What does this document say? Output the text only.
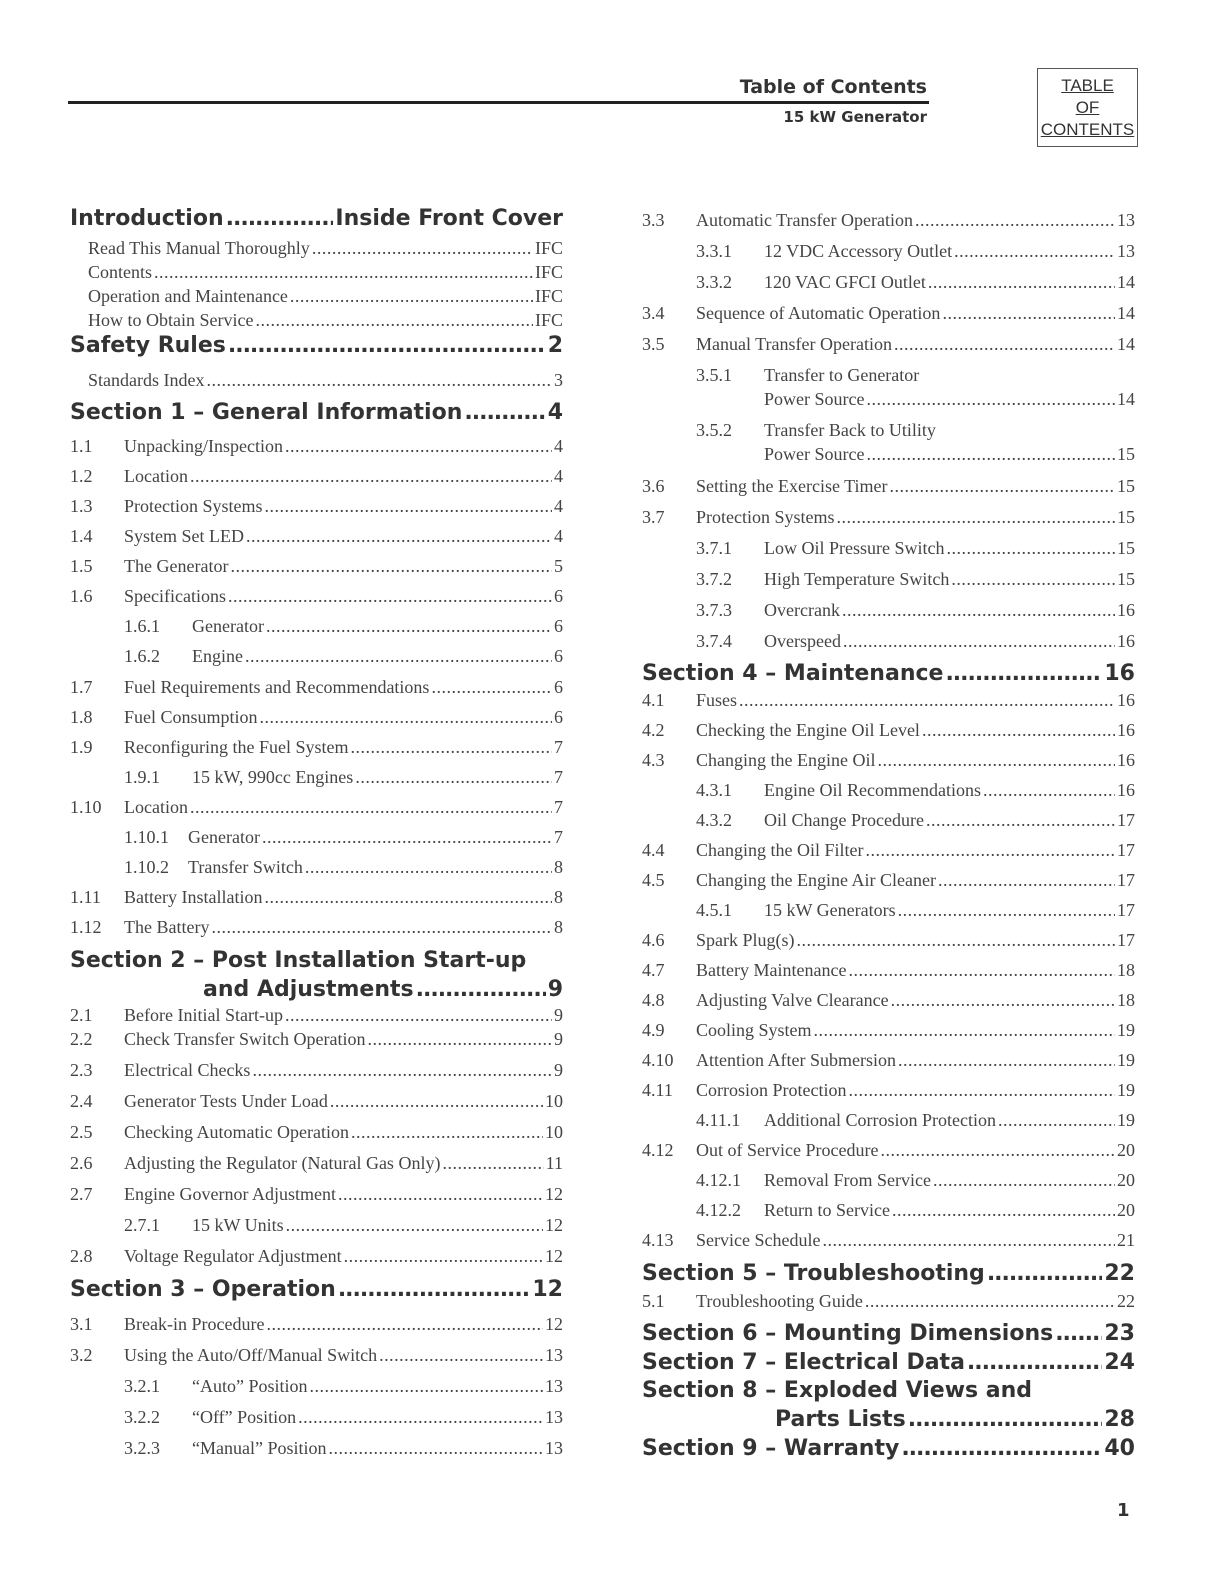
Table of Contents
15 kW Generator
TABLE
OF
CONTENTS
Introduction .....	Inside Front Cover
Read This Manual Thoroughly .....	IFC
Contents .....	IFC
Operation and Maintenance .....	IFC
How to Obtain Service .....	IFC
Safety Rules .....	2
Standards Index .....	3
Section 1 – General Information .....	4
1.1	Unpacking/Inspection .....	4
1.2	Location .....	4
1.3	Protection Systems .....	4
1.4	System Set LED .....	4
1.5	The Generator .....	5
1.6	Specifications .....	6
1.6.1	Generator .....	6
1.6.2	Engine .....	6
1.7	Fuel Requirements and Recommendations .....	6
1.8	Fuel Consumption .....	6
1.9	Reconfiguring the Fuel System .....	7
1.9.1	15 kW, 990cc Engines .....	7
1.10	Location .....	7
1.10.1	Generator .....	7
1.10.2	Transfer Switch .....	8
1.11	Battery Installation .....	8
1.12	The Battery .....	8
Section 2 – Post Installation Start-up
and Adjustments .....	9
2.1	Before Initial Start-up .....	9
2.2	Check Transfer Switch Operation .....	9
2.3	Electrical Checks .....	9
2.4	Generator Tests Under Load .....	10
2.5	Checking Automatic Operation .....	10
2.6	Adjusting the Regulator (Natural Gas Only) .....	11
2.7	Engine Governor Adjustment .....	12
2.7.1	15 kW Units .....	12
2.8	Voltage Regulator Adjustment .....	12
Section 3 – Operation .....	12
3.1	Break-in Procedure .....	12
3.2	Using the Auto/Off/Manual Switch .....	13
3.2.1	“Auto” Position .....	13
3.2.2	“Off” Position .....	13
3.2.3	“Manual” Position .....	13
3.3	Automatic Transfer Operation .....	13
3.3.1	12 VDC Accessory Outlet .....	13
3.3.2	120 VAC GFCI Outlet .....	14
3.4	Sequence of Automatic Operation .....	14
3.5	Manual Transfer Operation .....	14
3.5.1 Transfer to Generator
Power Source .....	14
3.5.2 Transfer Back to Utility
Power Source .....	15
3.6	Setting the Exercise Timer .....	15
3.7	Protection Systems .....	15
3.7.1	Low Oil Pressure Switch .....	15
3.7.2	High Temperature Switch .....	15
3.7.3	Overcrank .....	16
3.7.4	Overspeed .....	16
Section 4 – Maintenance .....	16
4.1	Fuses .....	16
4.2	Checking the Engine Oil Level .....	16
4.3	Changing the Engine Oil .....	16
4.3.1	Engine Oil Recommendations .....	16
4.3.2	Oil Change Procedure .....	17
4.4	Changing the Oil Filter .....	17
4.5	Changing the Engine Air Cleaner .....	17
4.5.1	15 kW Generators .....	17
4.6	Spark Plug(s) .....	17
4.7	Battery Maintenance .....	18
4.8	Adjusting Valve Clearance .....	18
4.9	Cooling System .....	19
4.10	Attention After Submersion .....	19
4.11	Corrosion Protection .....	19
4.11.1	Additional Corrosion Protection .....	19
4.12	Out of Service Procedure .....	20
4.12.1	Removal From Service .....	20
4.12.2	Return to Service .....	20
4.13	Service Schedule .....	21
Section 5 – Troubleshooting .....	22
5.1	Troubleshooting Guide .....	22
Section 6 – Mounting Dimensions ..... 23
Section 7 – Electrical Data .....	24
Section 8 – Exploded Views and
Parts Lists .....	28
Section 9 – Warranty .....	40
1
